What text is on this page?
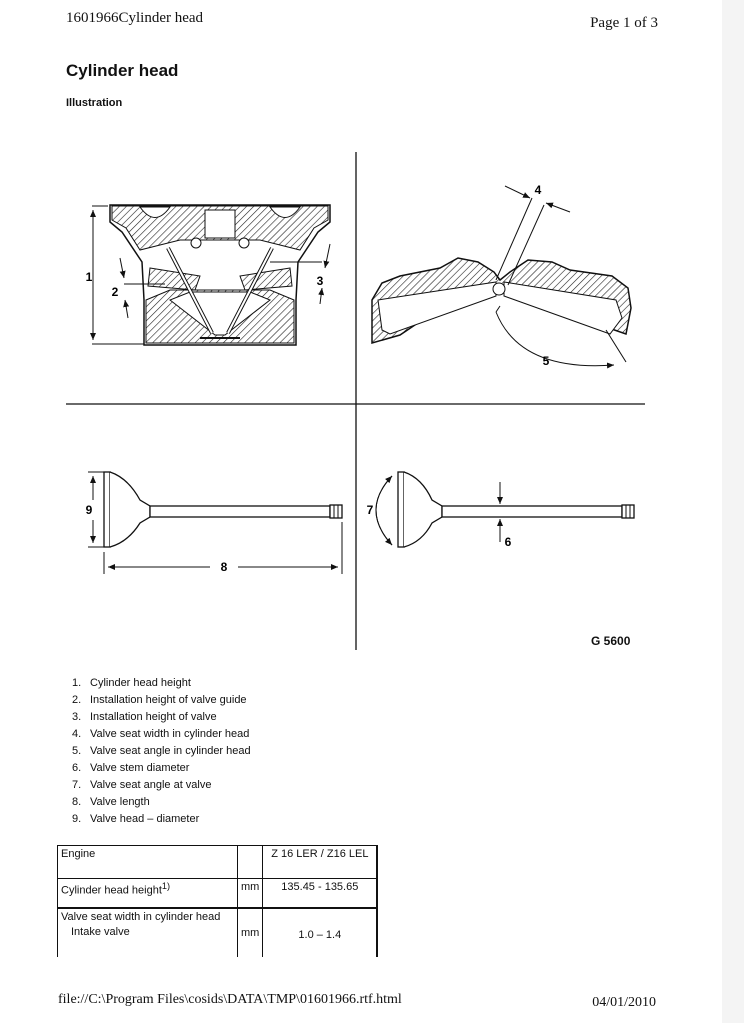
1601966Cylinder head	Page 1 of 3
Cylinder head
Illustration
1
2
3
4
5
9
8
7
6
G 5600
1. Cylinder head height
2. Installation height of valve guide
3. Installation height of valve
4. Valve seat width in cylinder head
5. Valve seat angle in cylinder head
6. Valve stem diameter
7. Valve seat angle at valve
8. Valve length
9. Valve head – diameter
Engine		Z 16 LER / Z16 LEL
Cylinder head height$^{1)}$	mm	135.45 - 135.65
Valve seat width in cylinder head
Intake valve	mm	1.0 – 1.4
file://C:\Program Files\cosids\DATA\TMP\01601966.rtf.html	04/01/2010
